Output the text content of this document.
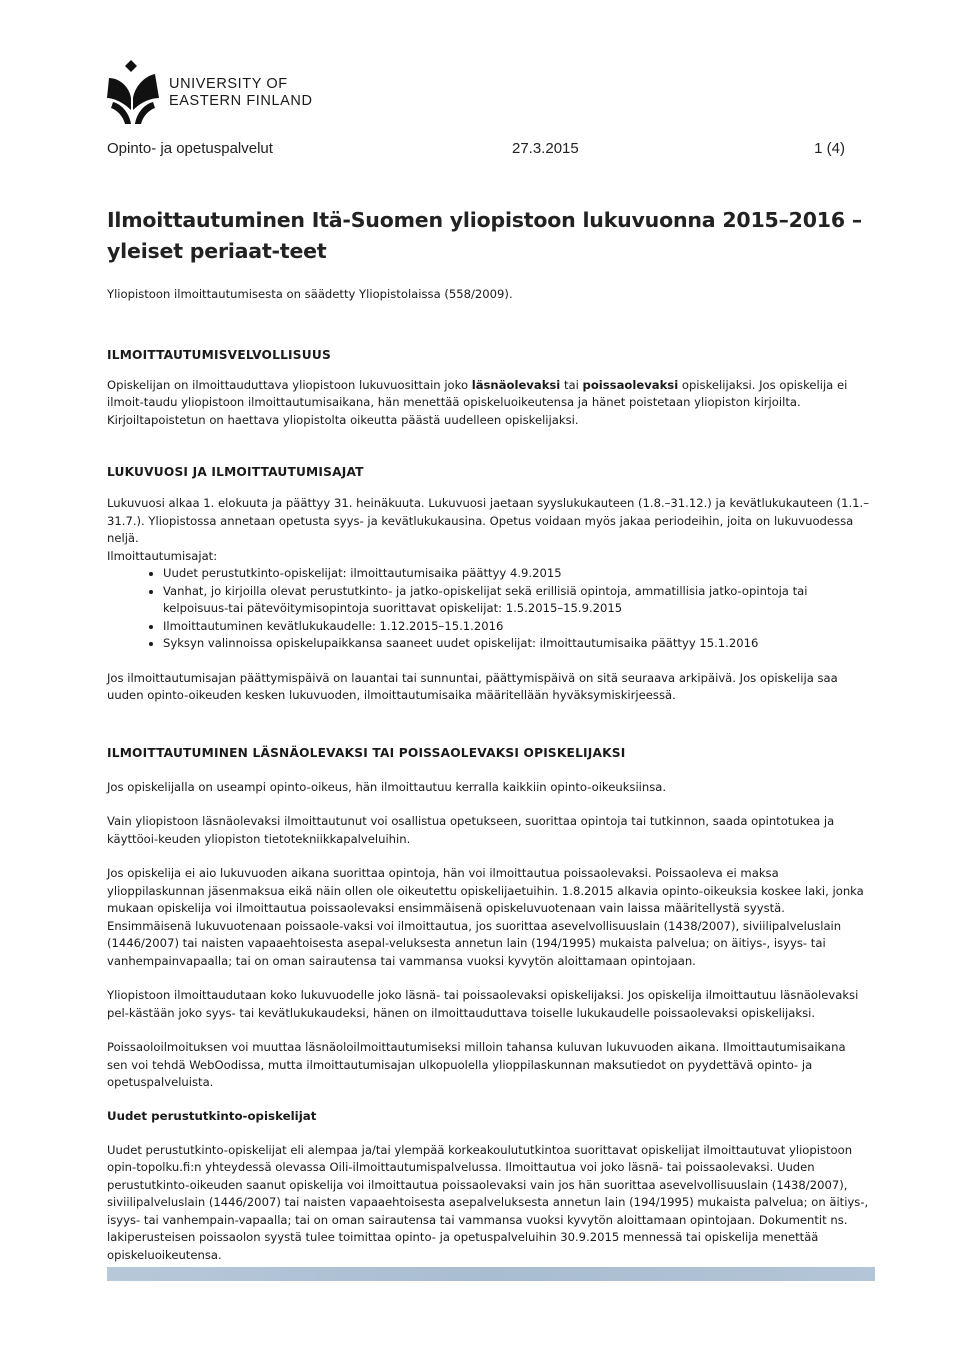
UNIVERSITY OF
EASTERN FINLAND
Opinto- ja opetuspalvelut	27.3.2015	1 (4)
Ilmoittautuminen Itä-Suomen yliopistoon lukuvuonna 2015–2016 – yleiset periaat-teet

Yliopistoon ilmoittautumisesta on säädetty Yliopistolaissa (558/2009).

ILMOITTAUTUMISVELVOLLISUUS

Opiskelijan on ilmoittauduttava yliopistoon lukuvuosittain joko läsnäolevaksi tai poissaolevaksi opiskelijaksi. Jos opiskelija ei ilmoit-taudu yliopistoon ilmoittautumisaikana, hän menettää opiskeluoikeutensa ja hänet poistetaan yliopiston kirjoilta. Kirjoiltapoistetun on haettava yliopistolta oikeutta päästä uudelleen opiskelijaksi.

LUKUVUOSI JA ILMOITTAUTUMISAJAT

Lukuvuosi alkaa 1. elokuuta ja päättyy 31. heinäkuuta. Lukuvuosi jaetaan syyslukukauteen (1.8.–31.12.) ja kevätlukukauteen (1.1.–31.7.). Yliopistossa annetaan opetusta syys- ja kevätlukukausina. Opetus voidaan myös jakaa periodeihin, joita on lukuvuodessa neljä.

Ilmoittautumisajat:

• Uudet perustutkinto-opiskelijat: ilmoittautumisaika päättyy 4.9.2015
• Vanhat, jo kirjoilla olevat perustutkinto- ja jatko-opiskelijat sekä erillisiä opintoja, ammatillisia jatko-opintoja tai kelpoisuus-tai pätevöitymisopintoja suorittavat opiskelijat: 1.5.2015–15.9.2015
• Ilmoittautuminen kevätlukukaudelle: 1.12.2015–15.1.2016
• Syksyn valinnoissa opiskelupaikkansa saaneet uudet opiskelijat: ilmoittautumisaika päättyy 15.1.2016

Jos ilmoittautumisajan päättymispäivä on lauantai tai sunnuntai, päättymispäivä on sitä seuraava arkipäivä. Jos opiskelija saa uuden opinto-oikeuden kesken lukuvuoden, ilmoittautumisaika määritellään hyväksymiskirjeessä.

ILMOITTAUTUMINEN LÄSNÄOLEVAKSI TAI POISSAOLEVAKSI OPISKELIJAKSI

Jos opiskelijalla on useampi opinto-oikeus, hän ilmoittautuu kerralla kaikkiin opinto-oikeuksiinsa.

Vain yliopistoon läsnäolevaksi ilmoittautunut voi osallistua opetukseen, suorittaa opintoja tai tutkinnon, saada opintotukea ja käyttöoi-keuden yliopiston tietotekniikkapalveluihin.

Jos opiskelija ei aio lukuvuoden aikana suorittaa opintoja, hän voi ilmoittautua poissaolevaksi. Poissaoleva ei maksa ylioppilaskunnan jäsenmaksua eikä näin ollen ole oikeutettu opiskelijaetuihin. 1.8.2015 alkavia opinto-oikeuksia koskee laki, jonka mukaan opiskelija voi ilmoittautua poissaolevaksi ensimmäisenä opiskeluvuotenaan vain laissa määritellystä syystä. Ensimmäisenä lukuvuotenaan poissaole-vaksi voi ilmoittautua, jos suorittaa asevelvollisuuslain (1438/2007), siviilipalveluslain (1446/2007) tai naisten vapaaehtoisesta asepal-veluksesta annetun lain (194/1995) mukaista palvelua; on äitiys-, isyys- tai vanhempainvapaalla; tai on oman sairautensa tai vammansa vuoksi kyvytön aloittamaan opintojaan.

Yliopistoon ilmoittaudutaan koko lukuvuodelle joko läsnä- tai poissaolevaksi opiskelijaksi. Jos opiskelija ilmoittautuu läsnäolevaksi pel-kästään joko syys- tai kevätlukukaudeksi, hänen on ilmoittauduttava toiselle lukukaudelle poissaolevaksi opiskelijaksi.

Poissaoloilmoituksen voi muuttaa läsnäoloilmoittautumiseksi milloin tahansa kuluvan lukuvuoden aikana. Ilmoittautumisaikana sen voi tehdä WebOodissa, mutta ilmoittautumisajan ulkopuolella ylioppilaskunnan maksutiedot on pyydettävä opinto- ja opetuspalveluista.

Uudet perustutkinto-opiskelijat

Uudet perustutkinto-opiskelijat eli alempaa ja/tai ylempää korkeakoulututkintoa suorittavat opiskelijat ilmoittautuvat yliopistoon opin-topolku.fi:n yhteydessä olevassa Oili-ilmoittautumispalvelussa. Ilmoittautua voi joko läsnä- tai poissaolevaksi. Uuden perustutkinto-oikeuden saanut opiskelija voi ilmoittautua poissaolevaksi vain jos hän suorittaa asevelvollisuuslain (1438/2007), siviilipalveluslain (1446/2007) tai naisten vapaaehtoisesta asepalveluksesta annetun lain (194/1995) mukaista palvelua; on äitiys-, isyys- tai vanhempain-vapaalla; tai on oman sairautensa tai vammansa vuoksi kyvytön aloittamaan opintojaan. Dokumentit ns. lakiperusteisen poissaolon syystä tulee toimittaa opinto- ja opetuspalveluihin 30.9.2015 mennessä tai opiskelija menettää opiskeluoikeutensa.
